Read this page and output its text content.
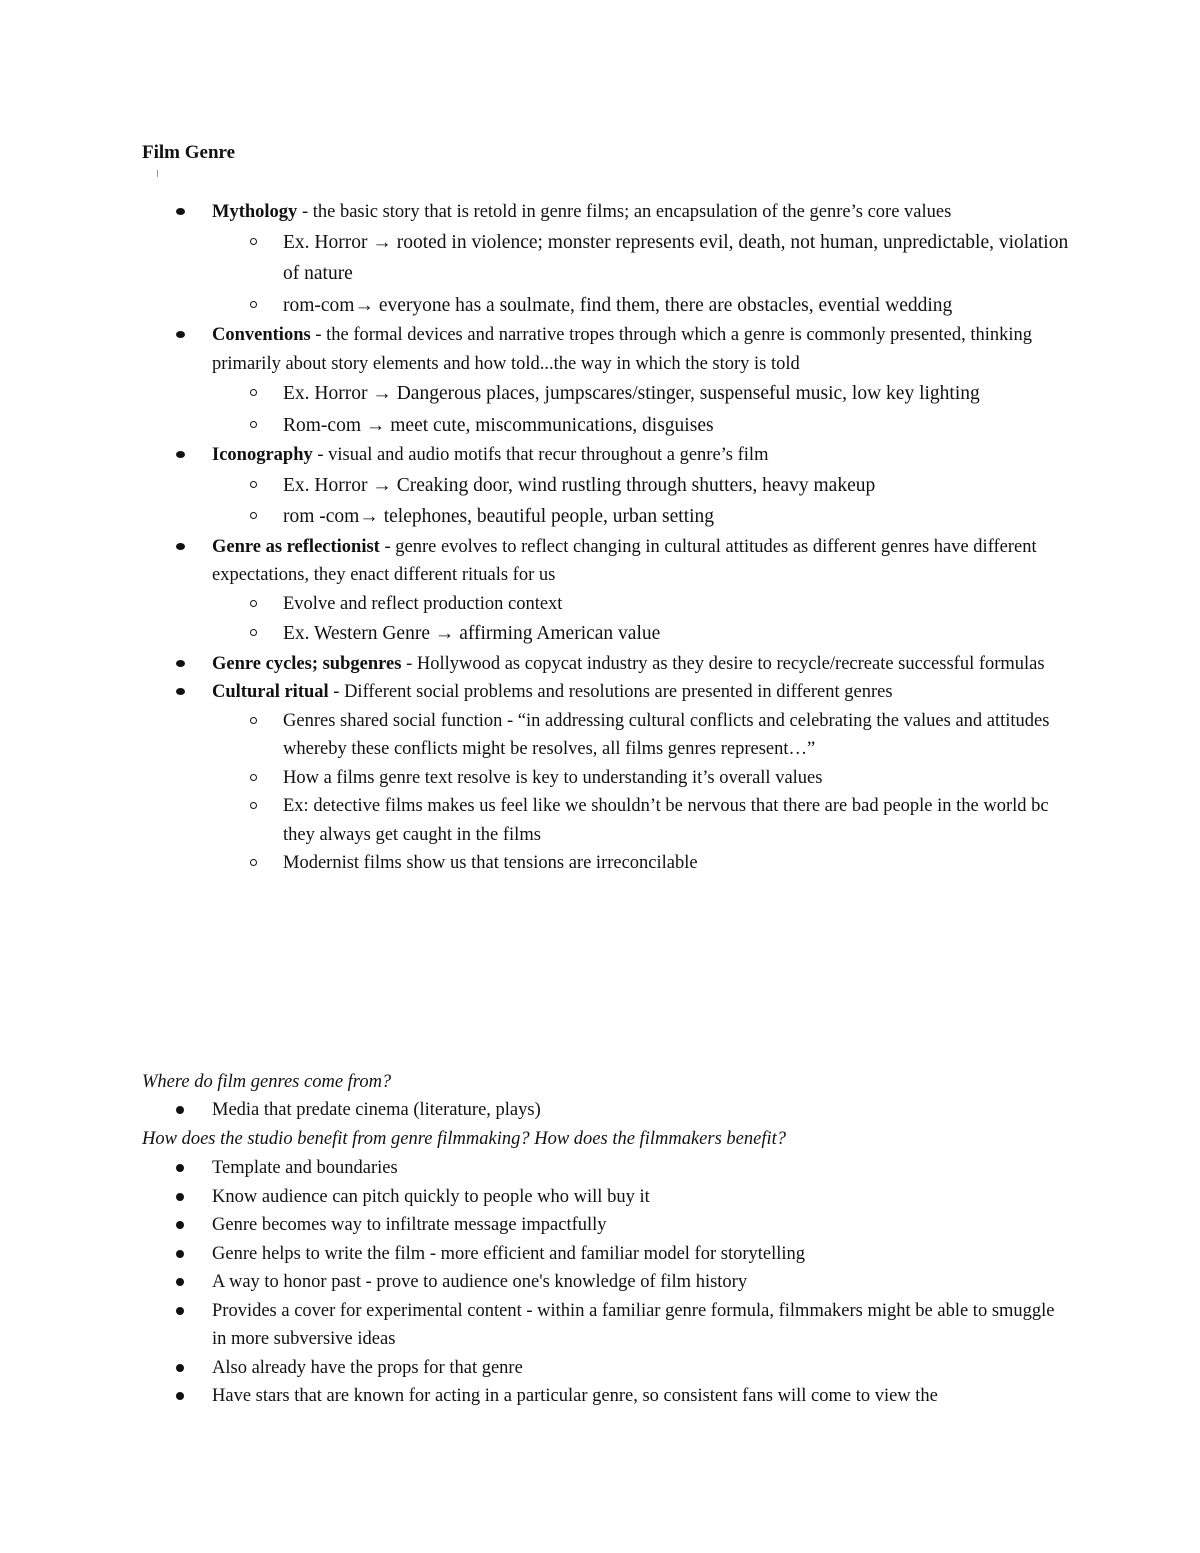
Film Genre
Mythology - the basic story that is retold in genre films; an encapsulation of the genre’s core values
Ex. Horror → rooted in violence; monster represents evil, death, not human, unpredictable, violation of nature
rom-com→ everyone has a soulmate, find them, there are obstacles, evential wedding
Conventions - the formal devices and narrative tropes through which a genre is commonly presented, thinking primarily about story elements and how told...the way in which the story is told
Ex. Horror → Dangerous places, jumpscares/stinger, suspenseful music, low key lighting
Rom-com → meet cute, miscommunications, disguises
Iconography - visual and audio motifs that recur throughout a genre’s film
Ex. Horror → Creaking door, wind rustling through shutters, heavy makeup
rom -com→ telephones, beautiful people, urban setting
Genre as reflectionist - genre evolves to reflect changing in cultural attitudes as different genres have different expectations, they enact different rituals for us
Evolve and reflect production context
Ex. Western Genre → affirming American value
Genre cycles; subgenres - Hollywood as copycat industry as they desire to recycle/recreate successful formulas
Cultural ritual - Different social problems and resolutions are presented in different genres
Genres shared social function - “in addressing cultural conflicts and celebrating the values and attitudes whereby these conflicts might be resolves, all films genres represent…”
How a films genre text resolve is key to understanding it’s overall values
Ex: detective films makes us feel like we shouldn’t be nervous that there are bad people in the world bc they always get caught in the films
Modernist films show us that tensions are irreconcilable
Where do film genres come from?
Media that predate cinema (literature, plays)
How does the studio benefit from genre filmmaking? How does the filmmakers benefit?
Template and boundaries
Know audience can pitch quickly to people who will buy it
Genre becomes way to infiltrate message impactfully
Genre helps to write the film - more efficient and familiar model for storytelling
A way to honor past - prove to audience one's knowledge of film history
Provides a cover for experimental content - within a familiar genre formula, filmmakers might be able to smuggle in more subversive ideas
Also already have the props for that genre
Have stars that are known for acting in a particular genre, so consistent fans will come to view the
